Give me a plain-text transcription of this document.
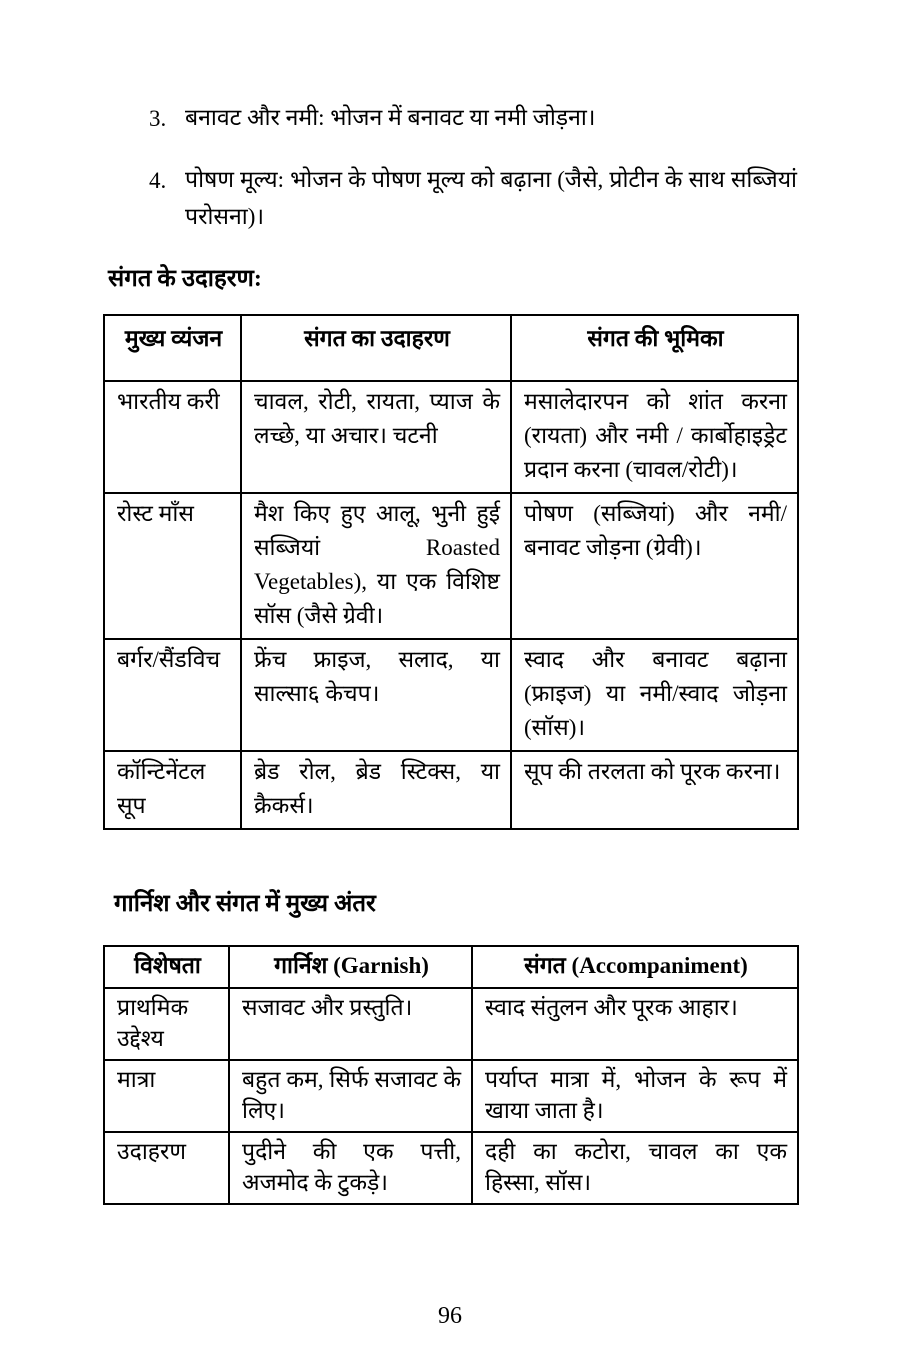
3. बनावट और नमी: भोजन में बनावट या नमी जोड़ना।
4. पोषण मूल्य: भोजन के पोषण मूल्य को बढ़ाना (जैसे, प्रोटीन के साथ सब्जियां परोसना)।
संगत के उदाहरण:
मुख्य व्यंजन	संगत का उदाहरण	संगत की भूमिका
भारतीय करी	चावल, रोटी, रायता, प्याज के लच्छे, या अचार। चटनी	मसालेदारपन को शांत करना (रायता) और नमी / कार्बोहाइड्रेट प्रदान करना (चावल/रोटी)।
रोस्ट माँस	मैश किए हुए आलू, भुनी हुई सब्जियां Roasted Vegetables), या एक विशिष्ट सॉस (जैसे ग्रेवी।	पोषण (सब्जियां) और नमी/बनावट जोड़ना (ग्रेवी)।
बर्गर/सैंडविच	फ्रेंच फ्राइज, सलाद, या साल्सा६ केचप।	स्वाद और बनावट बढ़ाना (फ्राइज) या नमी/स्वाद जोड़ना (सॉस)।
कॉन्टिनेंटल सूप	ब्रेड रोल, ब्रेड स्टिक्स, या क्रैकर्स।	सूप की तरलता को पूरक करना।
गार्निश और संगत में मुख्य अंतर
विशेषता	गार्निश (Garnish)	संगत (Accompaniment)
प्राथमिक उद्देश्य	सजावट और प्रस्तुति।	स्वाद संतुलन और पूरक आहार।
मात्रा	बहुत कम, सिर्फ सजावट के लिए।	पर्याप्त मात्रा में, भोजन के रूप में खाया जाता है।
उदाहरण	पुदीने की एक पत्ती, अजमोद के टुकड़े।	दही का कटोरा, चावल का एक हिस्सा, सॉस।
96
